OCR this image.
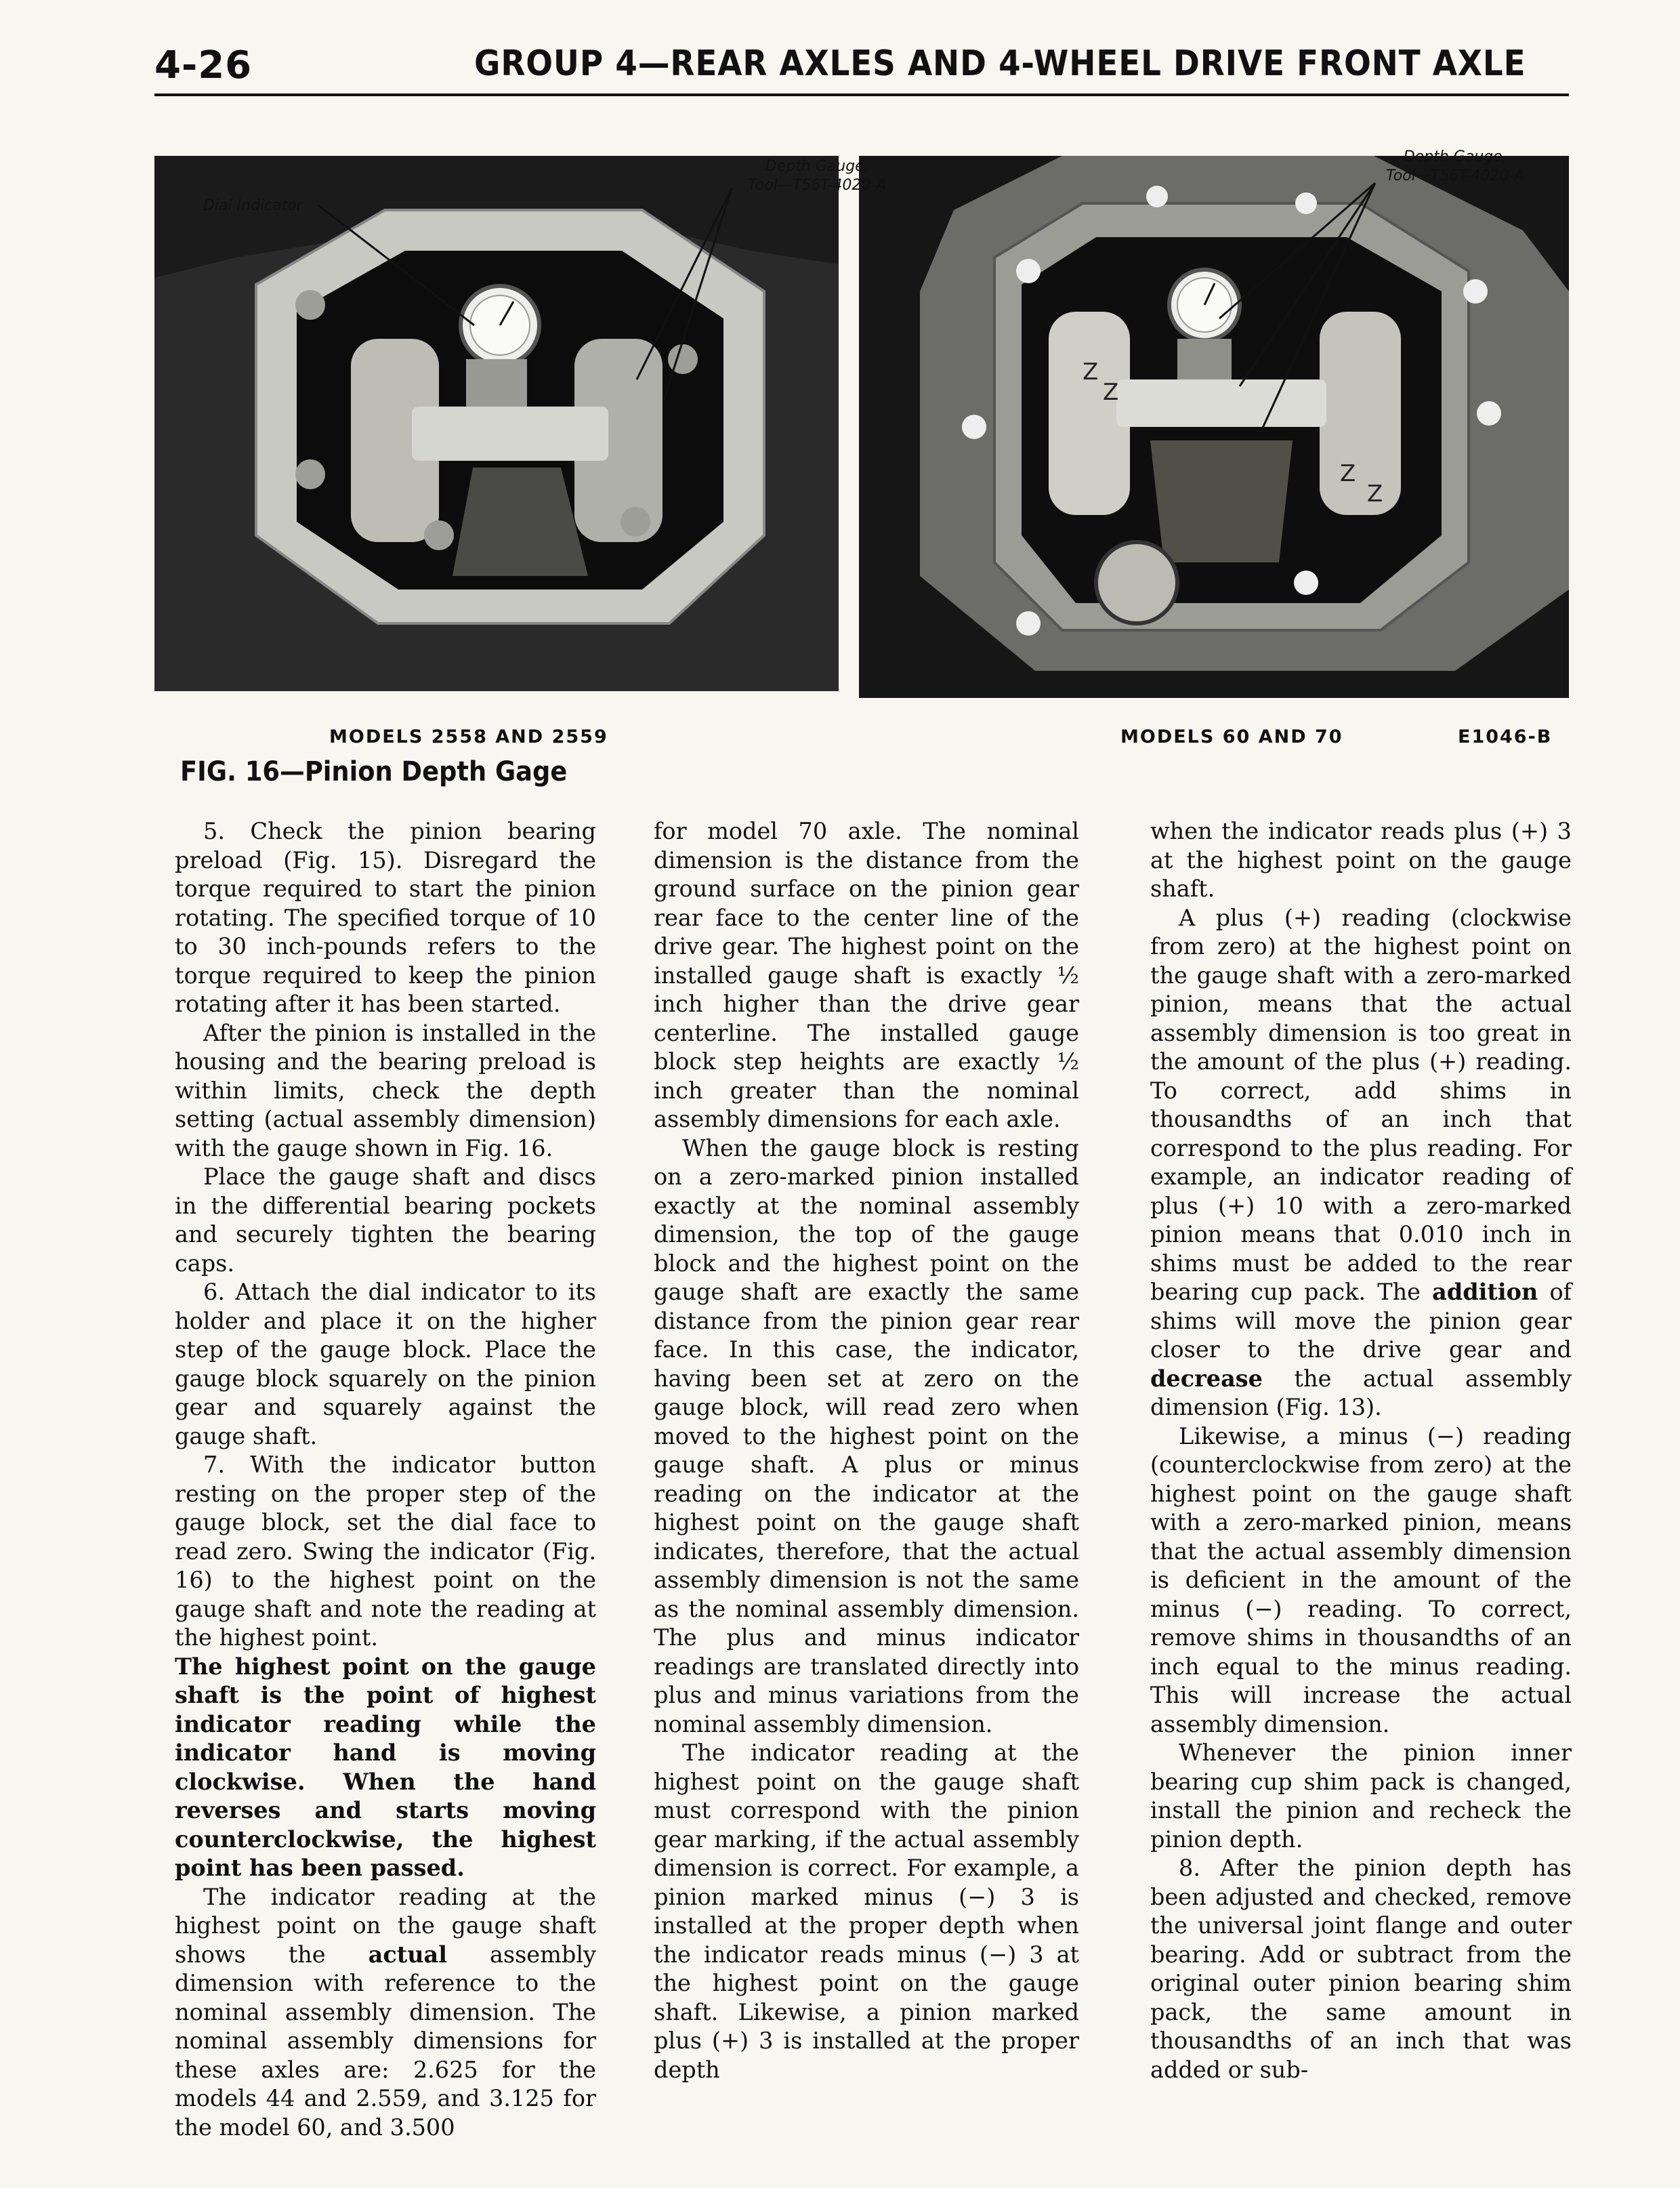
4-26	GROUP 4—REAR AXLES AND 4-WHEEL DRIVE FRONT AXLE
Z
Z
Z
Z
Dial Indicator
Depth Gauge,
Tool—T56T-4020-A
Depth Gauge,
Tool—T56T-4020-A
MODELS 2558 AND 2559	MODELS 60 AND 70	E1046-B
FIG. 16—Pinion Depth Gage

5. Check the pinion bearing preload (Fig. 15). Disregard the torque required to start the pinion rotating. The specified torque of 10 to 30 inch-pounds refers to the torque required to keep the pinion rotating after it has been started.

After the pinion is installed in the housing and the bearing preload is within limits, check the depth setting (actual assembly dimension) with the gauge shown in Fig. 16.

Place the gauge shaft and discs in the differential bearing pockets and securely tighten the bearing caps.

6. Attach the dial indicator to its holder and place it on the higher step of the gauge block. Place the gauge block squarely on the pinion gear and squarely against the gauge shaft.

7. With the indicator button resting on the proper step of the gauge block, set the dial face to read zero. Swing the indicator (Fig. 16) to the highest point on the gauge shaft and note the reading at the highest point.

The highest point on the gauge shaft is the point of highest indicator reading while the indicator hand is moving clockwise. When the hand reverses and starts moving counterclockwise, the highest point has been passed.

The indicator reading at the highest point on the gauge shaft shows the actual assembly dimension with reference to the nominal assembly dimension. The nominal assembly dimensions for these axles are: 2.625 for the models 44 and 2.559, and 3.125 for the model 60, and 3.500

for model 70 axle. The nominal dimension is the distance from the ground surface on the pinion gear rear face to the center line of the drive gear. The highest point on the installed gauge shaft is exactly ½ inch higher than the drive gear centerline. The installed gauge block step heights are exactly ½ inch greater than the nominal assembly dimensions for each axle.

When the gauge block is resting on a zero-marked pinion installed exactly at the nominal assembly dimension, the top of the gauge block and the highest point on the gauge shaft are exactly the same distance from the pinion gear rear face. In this case, the indicator, having been set at zero on the gauge block, will read zero when moved to the highest point on the gauge shaft. A plus or minus reading on the indicator at the highest point on the gauge shaft indicates, therefore, that the actual assembly dimension is not the same as the nominal assembly dimension. The plus and minus indicator readings are translated directly into plus and minus variations from the nominal assembly dimension.

The indicator reading at the highest point on the gauge shaft must correspond with the pinion gear marking, if the actual assembly dimension is correct. For example, a pinion marked minus (−) 3 is installed at the proper depth when the indicator reads minus (−) 3 at the highest point on the gauge shaft. Likewise, a pinion marked plus (+) 3 is installed at the proper depth

when the indicator reads plus (+) 3 at the highest point on the gauge shaft.

A plus (+) reading (clockwise from zero) at the highest point on the gauge shaft with a zero-marked pinion, means that the actual assembly dimension is too great in the amount of the plus (+) reading. To correct, add shims in thousandths of an inch that correspond to the plus reading. For example, an indicator reading of plus (+) 10 with a zero-marked pinion means that 0.010 inch in shims must be added to the rear bearing cup pack. The addition of shims will move the pinion gear closer to the drive gear and decrease the actual assembly dimension (Fig. 13).

Likewise, a minus (−) reading (counterclockwise from zero) at the highest point on the gauge shaft with a zero-marked pinion, means that the actual assembly dimension is deficient in the amount of the minus (−) reading. To correct, remove shims in thousandths of an inch equal to the minus reading. This will increase the actual assembly dimension.

Whenever the pinion inner bearing cup shim pack is changed, install the pinion and recheck the pinion depth.

8. After the pinion depth has been adjusted and checked, remove the universal joint flange and outer bearing. Add or subtract from the original outer pinion bearing shim pack, the same amount in thousandths of an inch that was added or sub-
